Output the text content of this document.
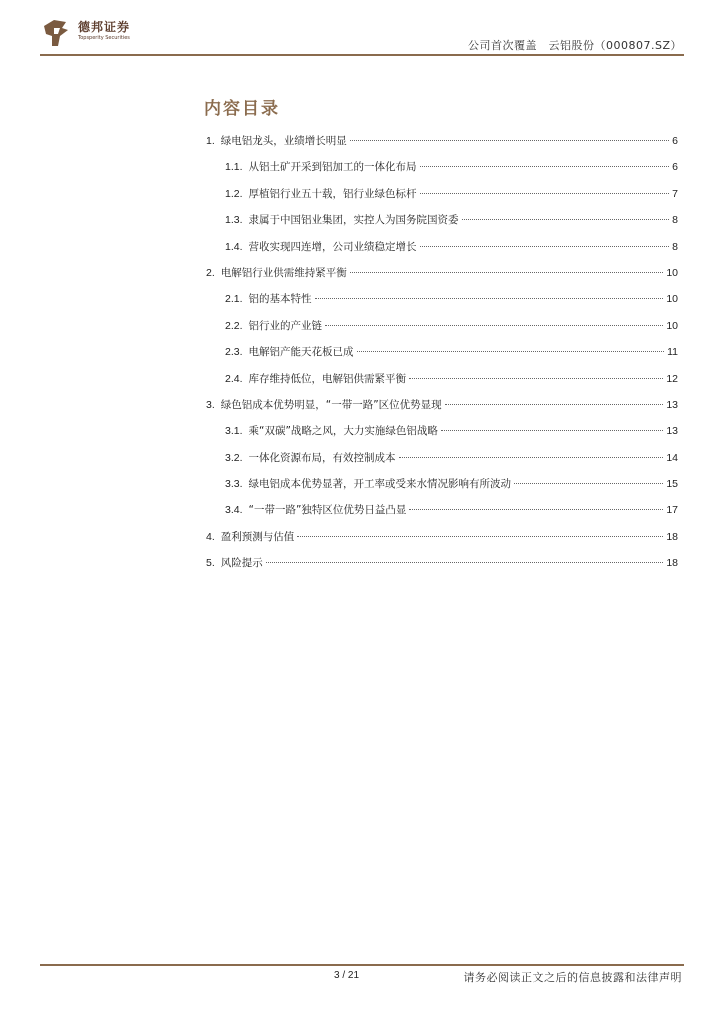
德邦证券
Topsperity Securities
公司首次覆盖　云铝股份（000807.SZ）
内容目录
1. 绿电铝龙头，业绩增长明显	6
1.1. 从铝土矿开采到铝加工的一体化布局	6
1.2. 厚植铝行业五十载，铝行业绿色标杆	7
1.3. 隶属于中国铝业集团，实控人为国务院国资委	8
1.4. 营收实现四连增，公司业绩稳定增长	8
2. 电解铝行业供需维持紧平衡	10
2.1. 铝的基本特性	10
2.2. 铝行业的产业链	10
2.3. 电解铝产能天花板已成	11
2.4. 库存维持低位，电解铝供需紧平衡	12
3. 绿色铝成本优势明显，“一带一路”区位优势显现	13
3.1. 乘“双碳”战略之风，大力实施绿色铝战略	13
3.2. 一体化资源布局，有效控制成本	14
3.3. 绿电铝成本优势显著，开工率或受来水情况影响有所波动	15
3.4. “一带一路”独特区位优势日益凸显	17
4. 盈利预测与估值	18
5. 风险提示	18
3 / 21	请务必阅读正文之后的信息披露和法律声明
